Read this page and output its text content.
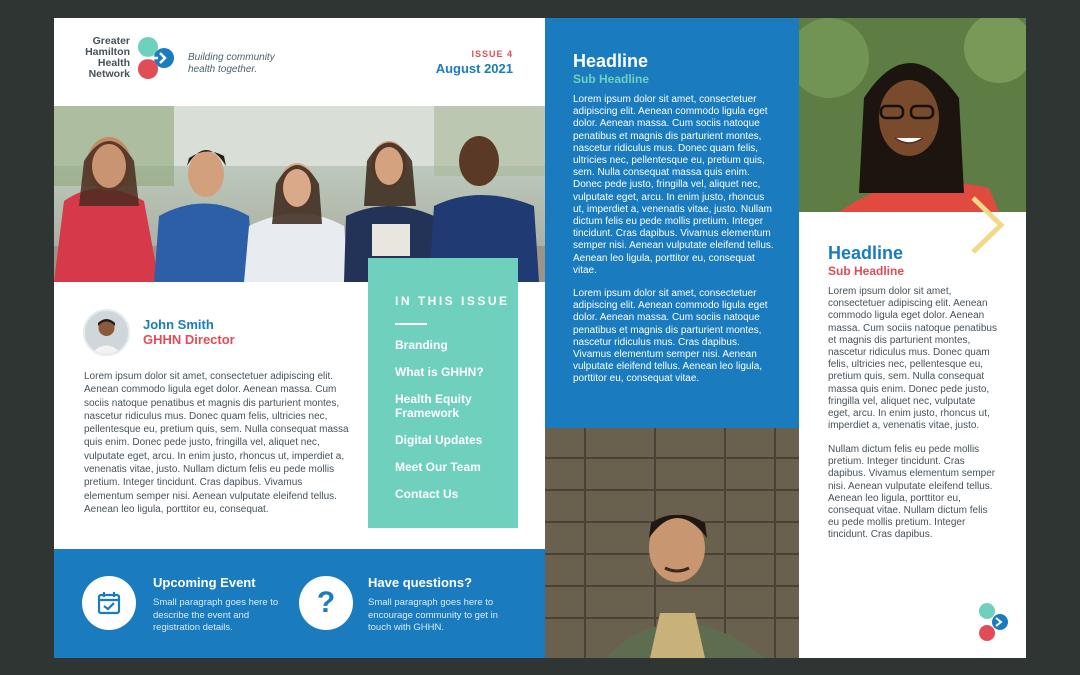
Greater
Hamilton
Health
Network
Building community health together.
ISSUE 4
August 2021
IN THIS ISSUE
Branding
What is GHHN?
Health Equity Framework
Digital Updates
Meet Our Team
Contact Us
John Smith
GHHN Director

Lorem ipsum dolor sit amet, consectetuer adipiscing elit. Aenean commodo ligula eget dolor. Aenean massa. Cum sociis natoque penatibus et magnis dis parturient montes, nascetur ridiculus mus. Donec quam felis, ultricies nec, pellentesque eu, pretium quis, sem. Nulla consequat massa quis enim. Donec pede justo, fringilla vel, aliquet nec, vulputate eget, arcu. In enim justo, rhoncus ut, imperdiet a, venenatis vitae, justo. Nullam dictum felis eu pede mollis pretium. Integer tincidunt. Cras dapibus. Vivamus elementum semper nisi. Aenean vulputate eleifend tellus. Aenean leo ligula, porttitor eu, consequat.

Upcoming Event
Small paragraph goes here to describe the event and registration details.
?
Have questions?
Small paragraph goes here to encourage community to get in touch with GHHN.
Headline
Sub Headline

Lorem ipsum dolor sit amet, consectetuer adipiscing elit. Aenean commodo ligula eget dolor. Aenean massa. Cum sociis natoque penatibus et magnis dis parturient montes, nascetur ridiculus mus. Donec quam felis, ultricies nec, pellentesque eu, pretium quis, sem. Nulla consequat massa quis enim. Donec pede justo, fringilla vel, aliquet nec, vulputate eget, arcu. In enim justo, rhoncus ut, imperdiet a, venenatis vitae, justo. Nullam dictum felis eu pede mollis pretium. Integer tincidunt. Cras dapibus. Vivamus elementum semper nisi. Aenean vulputate eleifend tellus. Aenean leo ligula, porttitor eu, consequat vitae.

Lorem ipsum dolor sit amet, consectetuer adipiscing elit. Aenean commodo ligula eget dolor. Aenean massa. Cum sociis natoque penatibus et magnis dis parturient montes, nascetur ridiculus mus. Cras dapibus. Vivamus elementum semper nisi. Aenean vulputate eleifend tellus. Aenean leo ligula, porttitor eu, consequat vitae.

Headline
Sub Headline

Lorem ipsum dolor sit amet, consectetuer adipiscing elit. Aenean commodo ligula eget dolor. Aenean massa. Cum sociis natoque penatibus et magnis dis parturient montes, nascetur ridiculus mus. Donec quam felis, ultricies nec, pellentesque eu, pretium quis, sem. Nulla consequat massa quis enim. Donec pede justo, fringilla vel, aliquet nec, vulputate eget, arcu. In enim justo, rhoncus ut, imperdiet a, venenatis vitae, justo.

Nullam dictum felis eu pede mollis pretium. Integer tincidunt. Cras dapibus. Vivamus elementum semper nisi. Aenean vulputate eleifend tellus. Aenean leo ligula, porttitor eu, consequat vitae. Nullam dictum felis eu pede mollis pretium. Integer tincidunt. Cras dapibus.
